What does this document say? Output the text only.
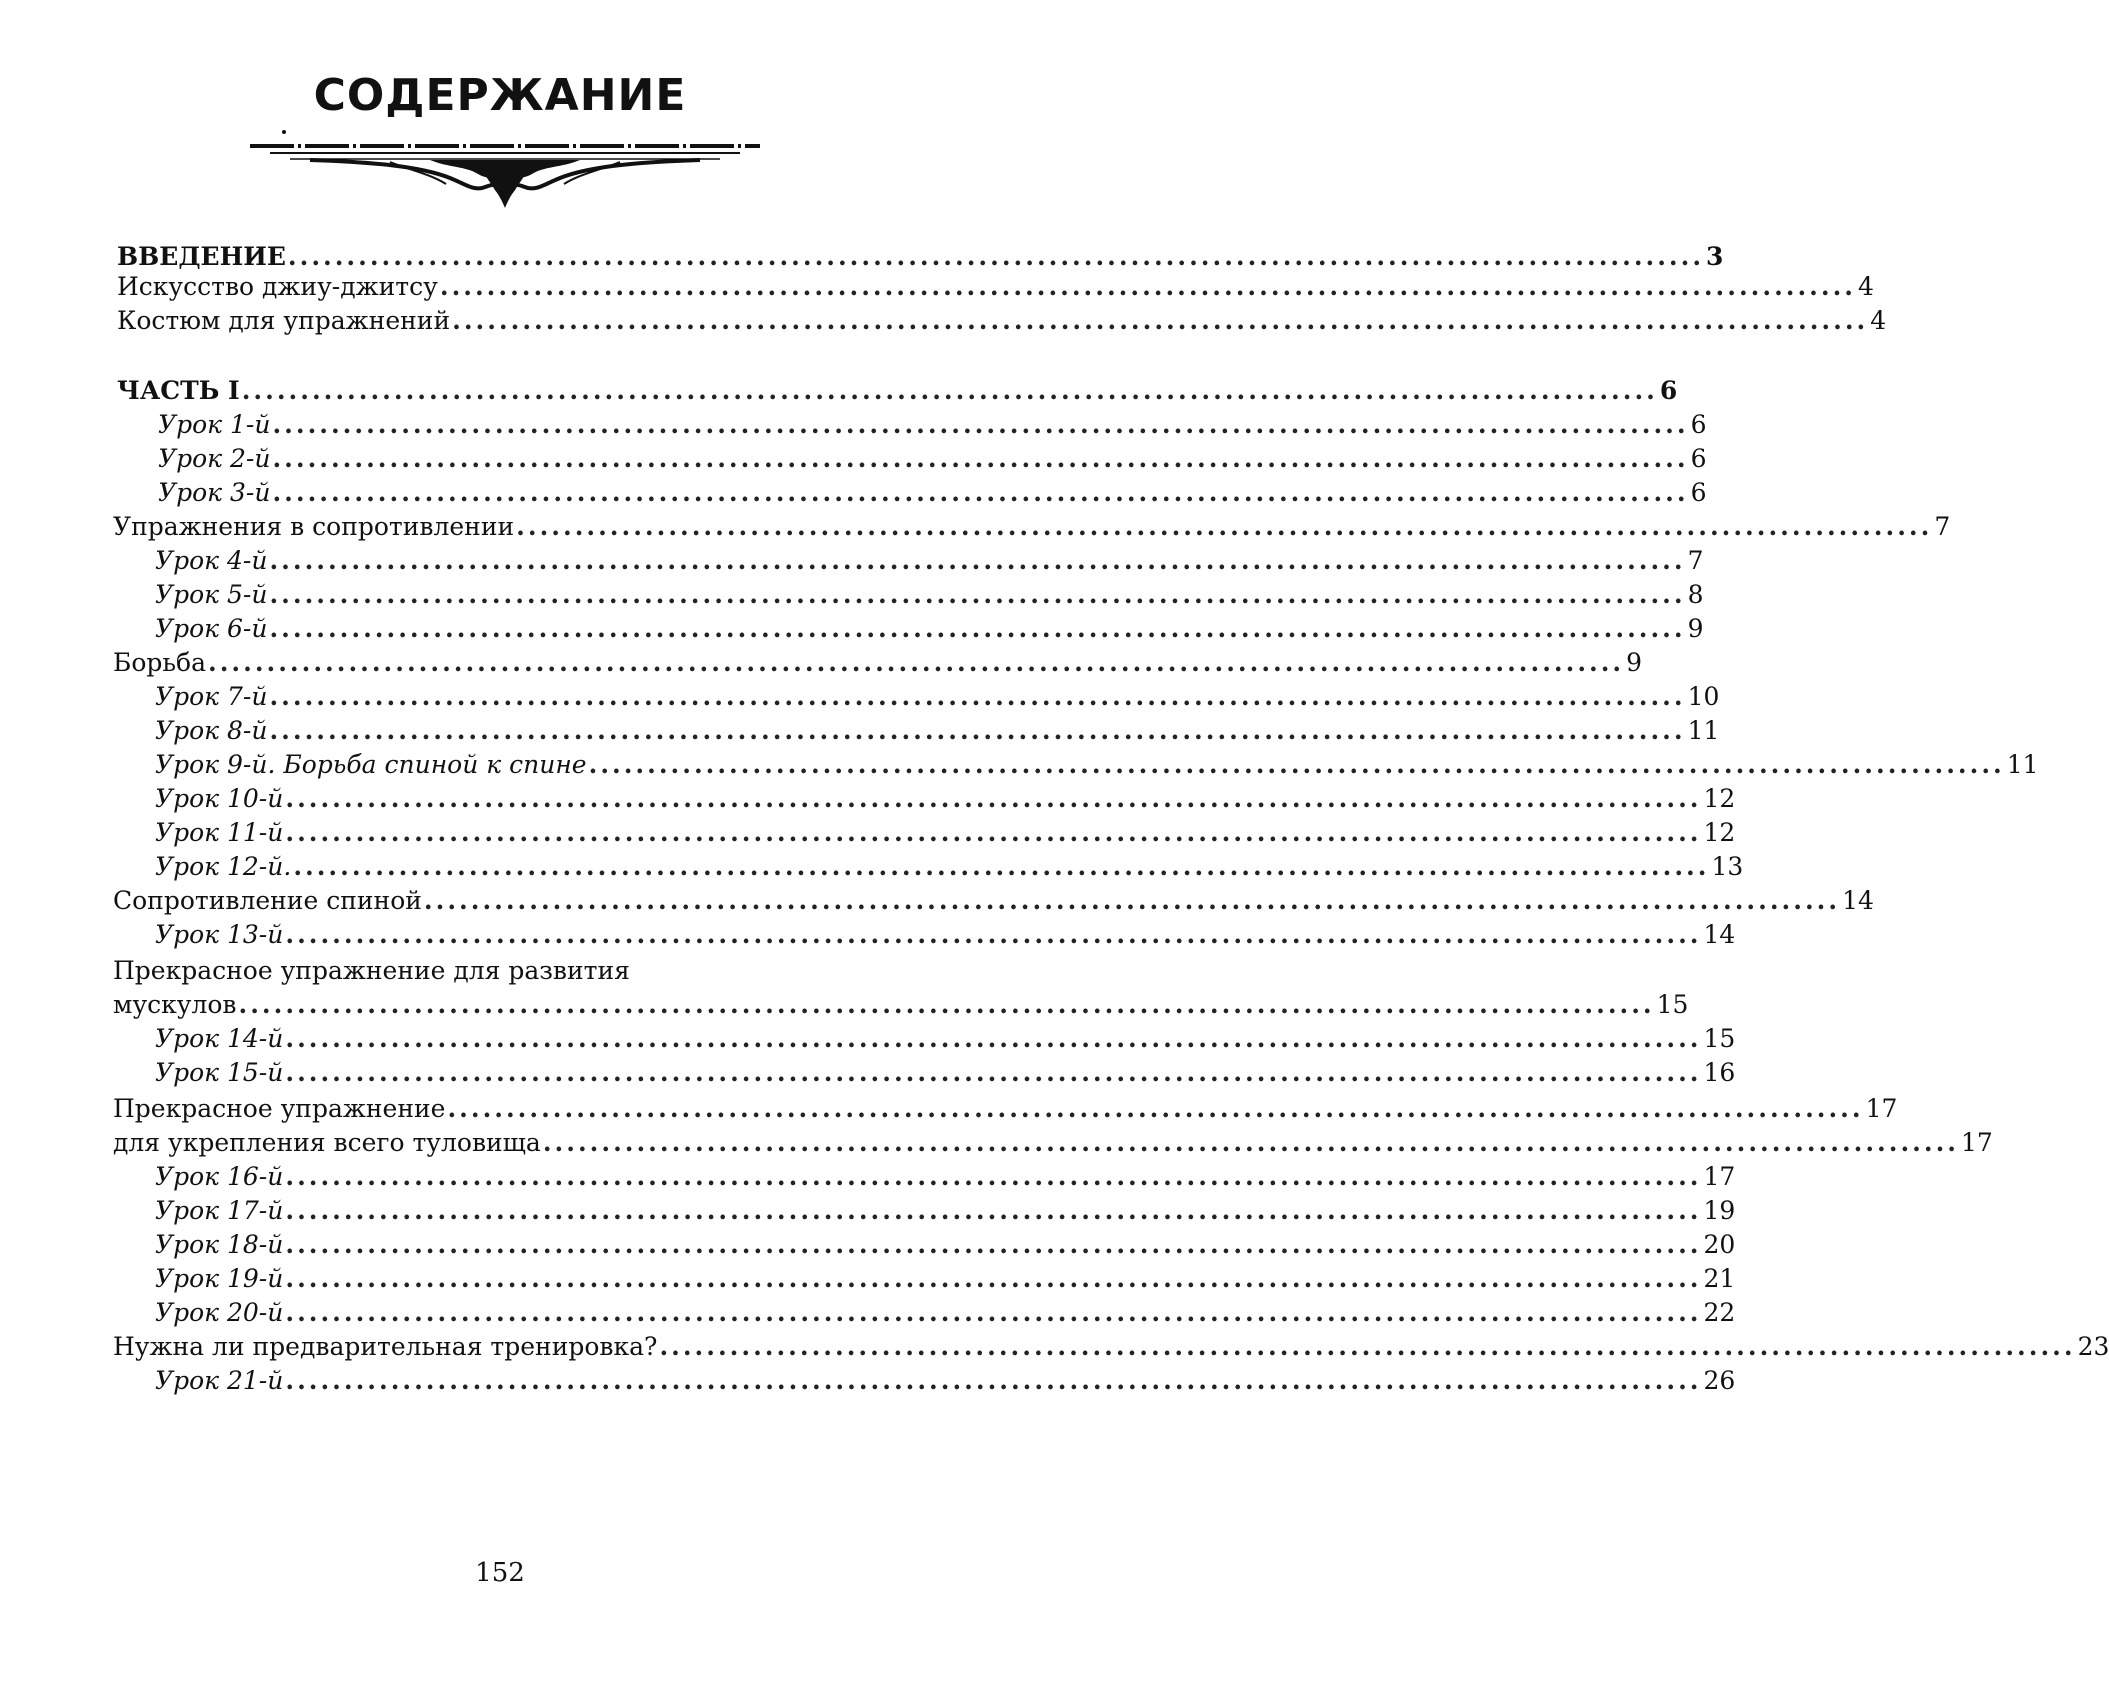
СОДЕРЖАНИЕ
ВВЕДЕНИЕ ......................................................................................................................... 3
Искусство джиу-джитсу ......................................................................................................................... 4
Костюм для упражнений ......................................................................................................................... 4
ЧАСТЬ I ......................................................................................................................... 6
Урок 1-й ......................................................................................................................... 6
Урок 2-й ......................................................................................................................... 6
Урок 3-й ......................................................................................................................... 6
Упражнения в сопротивлении ......................................................................................................................... 7
Урок 4-й ......................................................................................................................... 7
Урок 5-й ......................................................................................................................... 8
Урок 6-й ......................................................................................................................... 9
Борьба ......................................................................................................................... 9
Урок 7-й ......................................................................................................................... 10
Урок 8-й ......................................................................................................................... 11
Урок 9-й. Борьба спиной к спине ......................................................................................................................... 11
Урок 10-й ......................................................................................................................... 12
Урок 11-й ......................................................................................................................... 12
Урок 12-й. ......................................................................................................................... 13
Сопротивление спиной ......................................................................................................................... 14
Урок 13-й ......................................................................................................................... 14
Прекрасное упражнение для развития
мускулов ......................................................................................................................... 15
Урок 14-й ......................................................................................................................... 15
Урок 15-й ......................................................................................................................... 16
Прекрасное упражнение ......................................................................................................................... 17
для укрепления всего туловища ......................................................................................................................... 17
Урок 16-й ......................................................................................................................... 17
Урок 17-й ......................................................................................................................... 19
Урок 18-й ......................................................................................................................... 20
Урок 19-й ......................................................................................................................... 21
Урок 20-й ......................................................................................................................... 22
Нужна ли предварительная тренировка? ......................................................................................................................... 23
Урок 21-й ......................................................................................................................... 26
152
